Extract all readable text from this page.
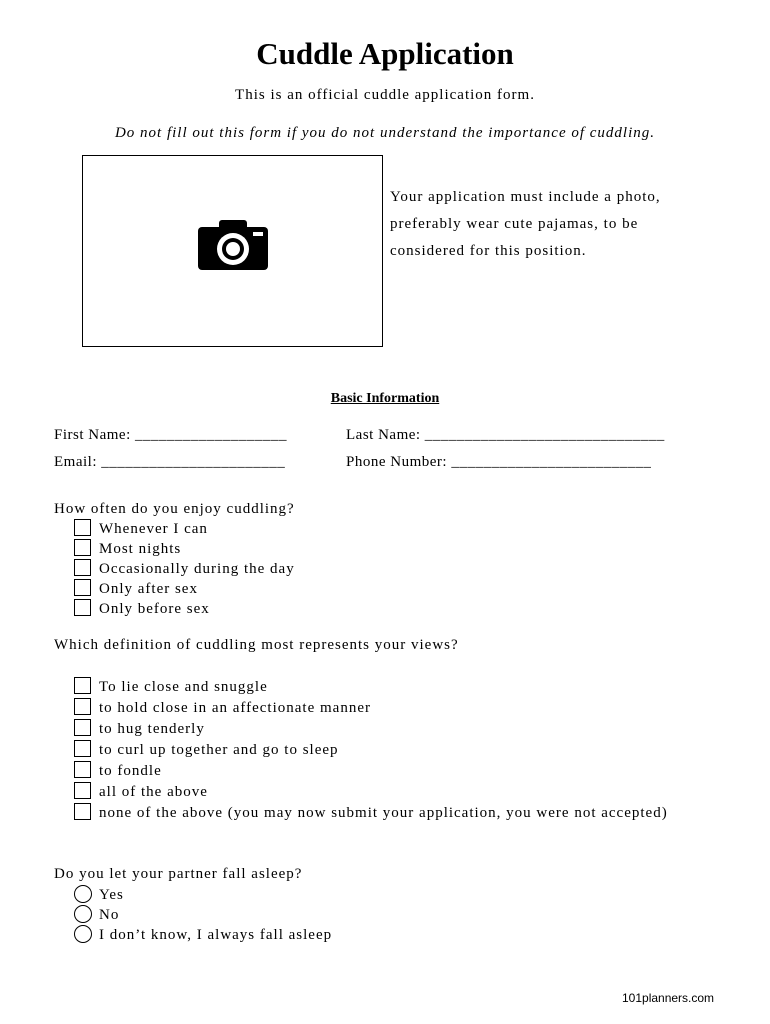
Cuddle Application
This is an official cuddle application form.
Do not fill out this form if you do not understand the importance of cuddling.
Your application must include a photo, preferably wear cute pajamas, to be considered for this position.
Basic Information
First Name: ___________________	Last Name: ______________________________
Email: _______________________	Phone Number: _________________________
How often do you enjoy cuddling?
Whenever I can
Most nights
Occasionally during the day
Only after sex
Only before sex
Which definition of cuddling most represents your views?
To lie close and snuggle
to hold close in an affectionate manner
to hug tenderly
to curl up together and go to sleep
to fondle
all of the above
none of the above (you may now submit your application, you were not accepted)
Do you let your partner fall asleep?
Yes
No
I don’t know, I always fall asleep
101planners.com
